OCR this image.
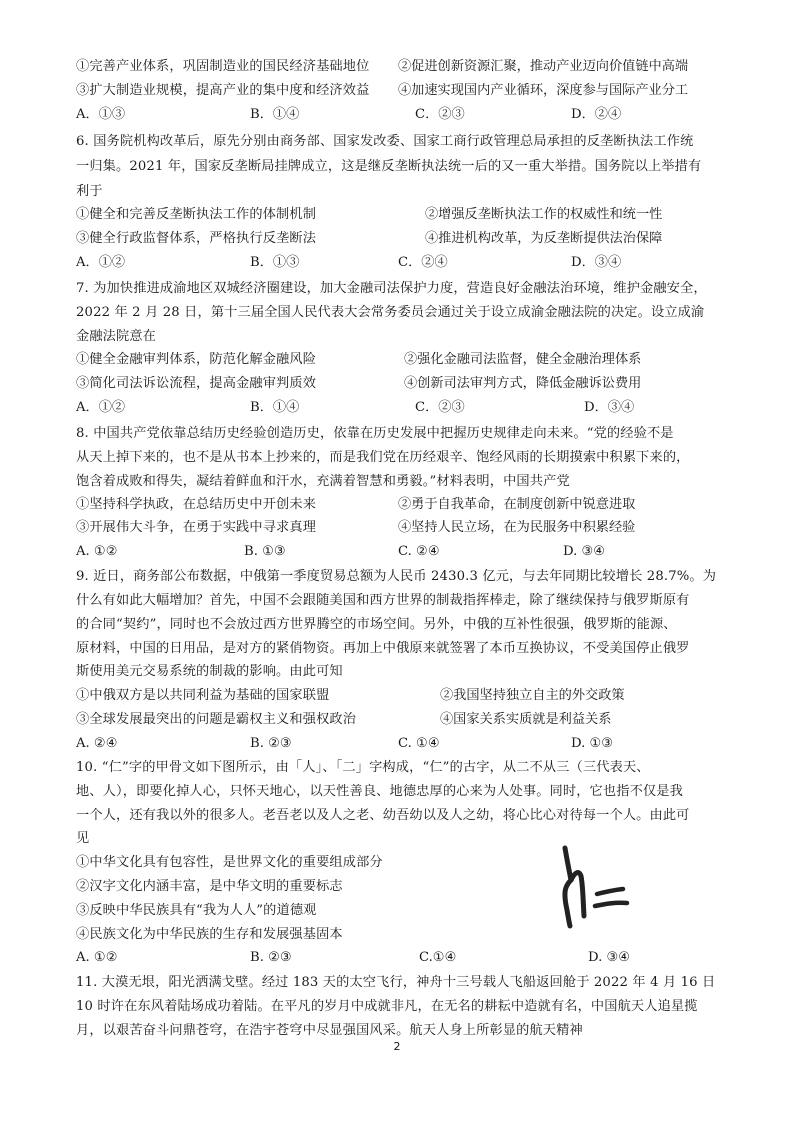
①完善产业体系，巩固制造业的国民经济基础地位 ②促进创新资源汇聚，推动产业迈向价值链中高端
③扩大制造业规模，提高产业的集中度和经济效益 ④加速实现国内产业循环，深度参与国际产业分工
A．①③	B．①④	C．②③	D．②④
6. 国务院机构改革后，原先分别由商务部、国家发改委、国家工商行政管理总局承担的反垄断执法工作统
一归集。2021 年，国家反垄断局挂牌成立，这是继反垄断执法统一后的又一重大举措。国务院以上举措有
利于
①健全和完善反垄断执法工作的体制机制	②增强反垄断执法工作的权威性和统一性
③健全行政监督体系，严格执行反垄断法	④推进机构改革，为反垄断提供法治保障
A．①②	B．①③	C．②④	D．③④
7. 为加快推进成渝地区双城经济圈建设，加大金融司法保护力度，营造良好金融法治环境，维护金融安全，
2022 年 2 月 28 日，第十三届全国人民代表大会常务委员会通过关于设立成渝金融法院的决定。设立成渝
金融法院意在
①健全金融审判体系，防范化解金融风险	②强化金融司法监督，健全金融治理体系
③简化司法诉讼流程，提高金融审判质效	④创新司法审判方式，降低金融诉讼费用
A．①②	B．①④	C．②③	D．③④
8. 中国共产党依靠总结历史经验创造历史，依靠在历史发展中把握历史规律走向未来。“党的经验不是
从天上掉下来的，也不是从书本上抄来的，而是我们党在历经艰辛、饱经风雨的长期摸索中积累下来的，
饱含着成败和得失，凝结着鲜血和汗水，充满着智慧和勇毅。”材料表明，中国共产党
①坚持科学执政，在总结历史中开创未来	②勇于自我革命，在制度创新中锐意进取
③开展伟大斗争，在勇于实践中寻求真理	④坚持人民立场，在为民服务中积累经验
A. ①②	B. ①③	C. ②④	D. ③④
9. 近日，商务部公布数据，中俄第一季度贸易总额为人民币 2430.3 亿元，与去年同期比较增长 28.7%。为
什么有如此大幅增加？首先，中国不会跟随美国和西方世界的制裁指挥棒走，除了继续保持与俄罗斯原有
的合同“契约”，同时也不会放过西方世界腾空的市场空间。另外，中俄的互补性很强，俄罗斯的能源、
原材料，中国的日用品，是对方的紧俏物资。再加上中俄原来就签署了本币互换协议，不受美国停止俄罗
斯使用美元交易系统的制裁的影响。由此可知
①中俄双方是以共同利益为基础的国家联盟	②我国坚持独立自主的外交政策
③全球发展最突出的问题是霸权主义和强权政治	④国家关系实质就是利益关系
A. ②④	B. ②③	C. ①④	D. ①③
10. “仁”字的甲骨文如下图所示，由「人」、「二」字构成，“仁”的古字，从二不从三（三代表天、
地、人），即要化掉人心，只怀天地心，以天性善良、地德忠厚的心来为人处事。同时，它也指不仅是我
一个人，还有我以外的很多人。老吾老以及人之老、幼吾幼以及人之幼，将心比心对待每一个人。由此可
见
①中华文化具有包容性，是世界文化的重要组成部分
②汉字文化内涵丰富，是中华文明的重要标志
③反映中华民族具有“我为人人”的道德观
④民族文化为中华民族的生存和发展强基固本
A. ①②	B. ②③	C.①④	D. ③④
11. 大漠无垠，阳光洒满戈壁。经过 183 天的太空飞行，神舟十三号载人飞船返回舱于 2022 年 4 月 16 日
10 时许在东风着陆场成功着陆。在平凡的岁月中成就非凡，在无名的耕耘中造就有名，中国航天人追星揽
月，以艰苦奋斗问鼎苍穹，在浩宇苍穹中尽显强国风采。航天人身上所彰显的航天精神
2
